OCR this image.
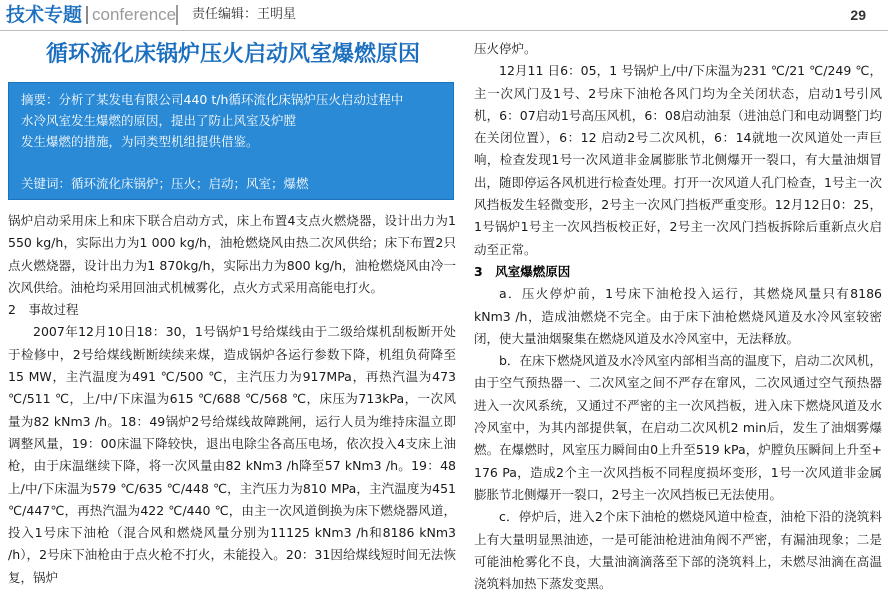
技术专题 conference 责任编辑：王明星	29
循环流化床锅炉压火启动风室爆燃原因

摘要：分析了某发电有限公司440 t/h循环流化床锅炉压火启动过程中

水冷风室发生爆燃的原因，提出了防止风室及炉膛

发生爆燃的措施，为同类型机组提供借鉴。

关键词：循环流化床锅炉；压火；启动；风室；爆燃

锅炉启动采用床上和床下联合启动方式，床上布置4支点火燃烧器，设计出力为1 550 kg/h，实际出力为1 000 kg/h，油枪燃烧风由热二次风供给；床下布置2只点火燃烧器，设计出力为1 870kg/h，实际出力为800 kg/h，油枪燃烧风由冷一次风供给。油枪均采用回油式机械雾化，点火方式采用高能电打火。

2　事故过程

2007年12月10日18：30，1号锅炉1号给煤线由于二级给煤机刮板断开处于检修中，2号给煤线断断续续来煤，造成锅炉各运行参数下降，机组负荷降至15 MW，主汽温度为491 ℃/500 ℃，主汽压力为917MPa，再热汽温为473 ℃/511 ℃，上/中/下床温为615 ℃/688 ℃/568 ℃，床压为713kPa，一次风量为82 kNm3 /h。18：49锅炉2号给煤线故障跳闸，运行人员为维持床温立即调整风量，19：00床温下降较快，退出电除尘各高压电场，依次投入4支床上油枪，由于床温继续下降，将一次风量由82 kNm3 /h降至57 kNm3 /h。19：48 上/中/下床温为579 ℃/635 ℃/448 ℃，主汽压力为810 MPa，主汽温度为451 ℃/447℃，再热汽温为422 ℃/440 ℃，由主一次风道倒换为床下燃烧器风道，投入1号床下油枪（混合风和燃烧风量分别为11125 kNm3 /h和8186 kNm3 /h），2号床下油枪由于点火枪不打火，未能投入。20：31因给煤线短时间无法恢复，锅炉

压火停炉。

12月11 日6：05，1 号锅炉上/中/下床温为231 ℃/21 ℃/249 ℃，主一次风门及1号、2号床下油枪各风门均为全关闭状态，启动1号引风机，6：07启动1号高压风机，6：08启动油泵（进油总门和电动调整门均在关闭位置），6：12 启动2号二次风机，6：14就地一次风道处一声巨响，检查发现1号一次风道非金属膨胀节北侧爆开一裂口，有大量油烟冒出，随即停运各风机进行检查处理。打开一次风道人孔门检查，1号主一次风挡板发生轻微变形，2号主一次风门挡板严重变形。12月12日0：25，1号锅炉1号主一次风挡板校正好，2号主一次风门挡板拆除后重新点火启动至正常。

3　风室爆燃原因

a．压火停炉前，1号床下油枪投入运行，其燃烧风量只有8186 kNm3 /h，造成油燃烧不完全。由于床下油枪燃烧风道及水冷风室较密闭，使大量油烟聚集在燃烧风道及水冷风室中，无法释放。

b．在床下燃烧风道及水冷风室内部相当高的温度下，启动二次风机，由于空气预热器一、二次风室之间不严存在窜风，二次风通过空气预热器进入一次风系统，又通过不严密的主一次风挡板，进入床下燃烧风道及水冷风室中，为其内部提供氧，在启动二次风机2 min后，发生了油烟雾爆燃。在爆燃时，风室压力瞬间由0上升至519 kPa，炉膛负压瞬间上升至+ 176 Pa，造成2个主一次风挡板不同程度损坏变形，1号一次风道非金属膨胀节北侧爆开一裂口，2号主一次风挡板已无法使用。

c．停炉后，进入2个床下油枪的燃烧风道中检查，油枪下沿的浇筑料上有大量明显黑油迹，一是可能油枪进油角阀不严密，有漏油现象；二是可能油枪雾化不良，大量油滴滴落至下部的浇筑料上，未燃尽油滴在高温浇筑料加热下蒸发变黑。
